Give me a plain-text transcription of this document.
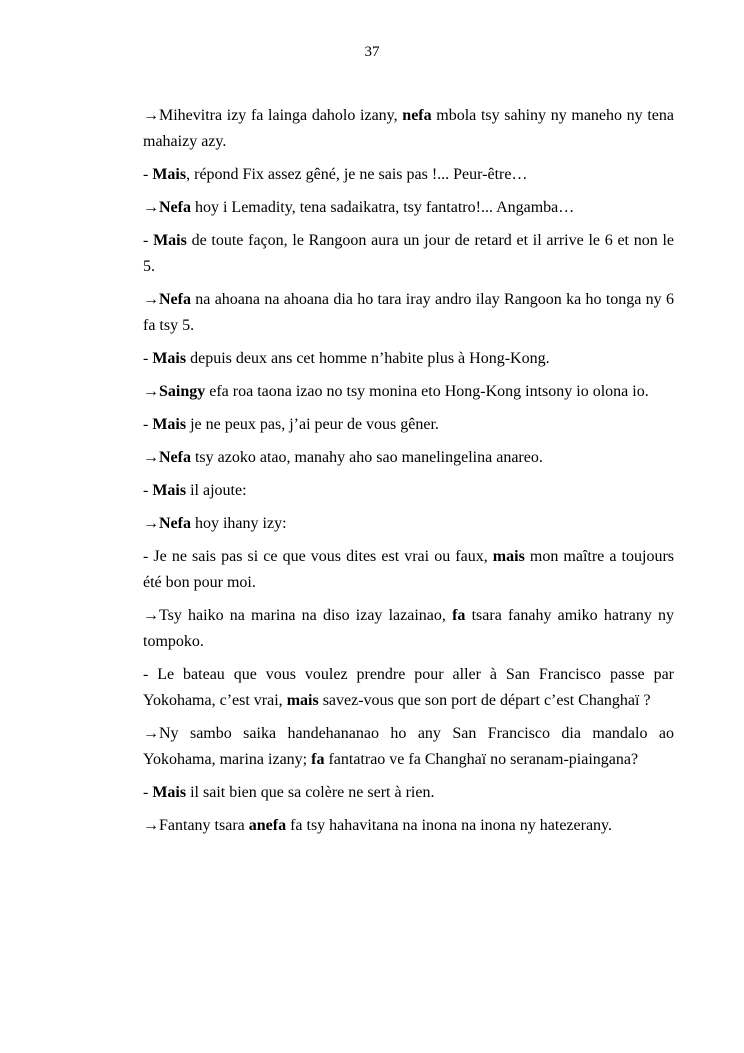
37

→Mihevitra izy fa lainga daholo izany, nefa mbola tsy sahiny ny maneho ny tena mahaizy azy.

- Mais, répond Fix assez gêné, je ne sais pas !... Peur-être…

→Nefa hoy i Lemadity, tena sadaikatra, tsy fantatro!... Angamba…

- Mais de toute façon, le Rangoon aura un jour de retard et il arrive le 6 et non le 5.

→Nefa na ahoana na ahoana dia ho tara iray andro ilay Rangoon ka ho tonga ny 6 fa tsy 5.

- Mais depuis deux ans cet homme n’habite plus à Hong-Kong.

→Saingy efa roa taona izao no tsy monina eto Hong-Kong intsony io olona io.

- Mais je ne peux pas, j’ai peur de vous gêner.

→Nefa tsy azoko atao, manahy aho sao manelingelina anareo.

- Mais il ajoute:

→Nefa hoy ihany izy:

- Je ne sais pas si ce que vous dites est vrai ou faux, mais mon maître a toujours été bon pour moi.

→Tsy haiko na marina na diso izay lazainao, fa tsara fanahy amiko hatrany ny tompoko.

- Le bateau que vous voulez prendre pour aller à San Francisco passe par Yokohama, c’est vrai, mais savez-vous que son port de départ c’est Changhaï ?

→Ny sambo saika handehananao ho any San Francisco dia mandalo ao Yokohama, marina izany; fa fantatrao ve fa Changhaï no seranam-piaingana?

- Mais il sait bien que sa colère ne sert à rien.

→Fantany tsara anefa fa tsy hahavitana na inona na inona ny hatezerany.
